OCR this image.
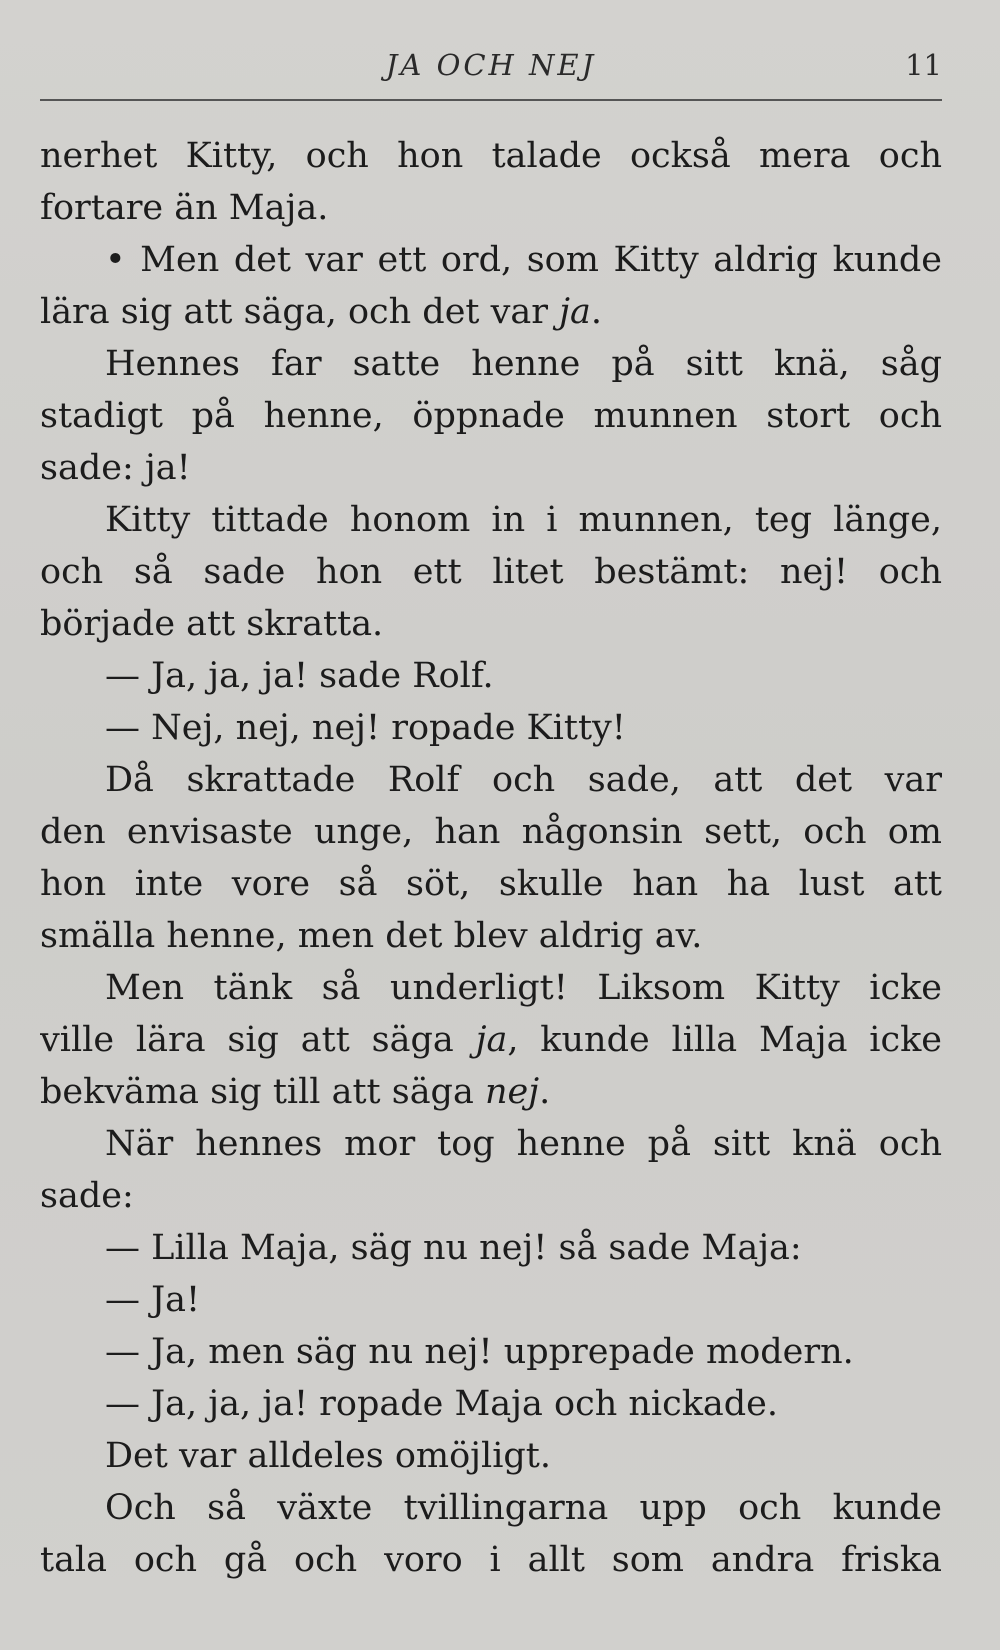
JA OCH NEJ	11
nerhet Kitty, och hon talade också mera och
fortare än Maja.
• Men det var ett ord, som Kitty aldrig kunde
lära sig att säga, och det var ja.
Hennes far satte henne på sitt knä, såg
stadigt på henne, öppnade munnen stort och
sade: ja!
Kitty tittade honom in i munnen, teg länge,
och så sade hon ett litet bestämt: nej! och
började att skratta.
— Ja, ja, ja! sade Rolf.
— Nej, nej, nej! ropade Kitty!
Då skrattade Rolf och sade, att det var
den envisaste unge, han någonsin sett, och om
hon inte vore så söt, skulle han ha lust att
smälla henne, men det blev aldrig av.
Men tänk så underligt! Liksom Kitty icke
ville lära sig att säga ja, kunde lilla Maja icke
bekväma sig till att säga nej.
När hennes mor tog henne på sitt knä och
sade:
— Lilla Maja, säg nu nej! så sade Maja:
— Ja!
— Ja, men säg nu nej! upprepade modern.
— Ja, ja, ja! ropade Maja och nickade.
Det var alldeles omöjligt.
Och så växte tvillingarna upp och kunde
tala och gå och voro i allt som andra friska
